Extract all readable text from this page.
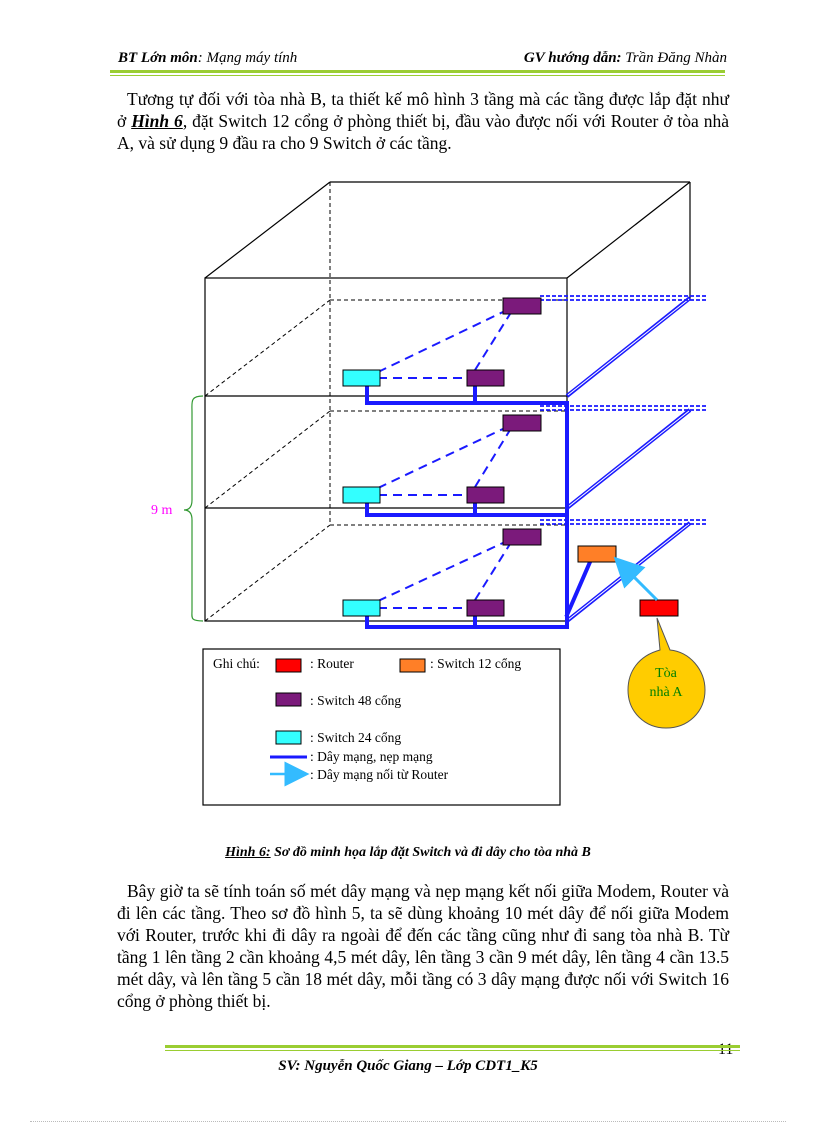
BT Lớn môn: Mạng máy tính	GV hướng dẫn: Trần Đăng Nhàn

Tương tự đối với tòa nhà B, ta thiết kế mô hình 3 tầng mà các tầng được lắp đặt như ở Hình 6, đặt Switch 12 cổng ở phòng thiết bị, đầu vào được nối với Router ở tòa nhà A, và sử dụng 9 đầu ra cho 9 Switch ở các tầng.

9 m
Tòa
nhà A
Ghi chú:	: Router	: Switch 12 cổng
: Switch 48 cổng
: Switch 24 cổng
: Dây mạng, nẹp mạng
: Dây mạng nối từ Router
Hình 6: Sơ đồ minh họa lắp đặt Switch và đi dây cho tòa nhà B

Bây giờ ta sẽ tính toán số mét dây mạng và nẹp mạng kết nối giữa Modem, Router và đi lên các tầng. Theo sơ đồ hình 5, ta sẽ dùng khoảng 10 mét dây để nối giữa Modem với Router, trước khi đi dây ra ngoài để đến các tầng cũng như đi sang tòa nhà B. Từ tầng 1 lên tầng 2 cần khoảng 4,5 mét dây, lên tầng 3 cần 9 mét dây, lên tầng 4 cần 13.5 mét dây, và lên tầng 5 cần 18 mét dây, mỗi tầng có 3 dây mạng được nối với Switch 16 cổng ở phòng thiết bị.

SV: Nguyễn Quốc Giang – Lớp CDT1_K5
